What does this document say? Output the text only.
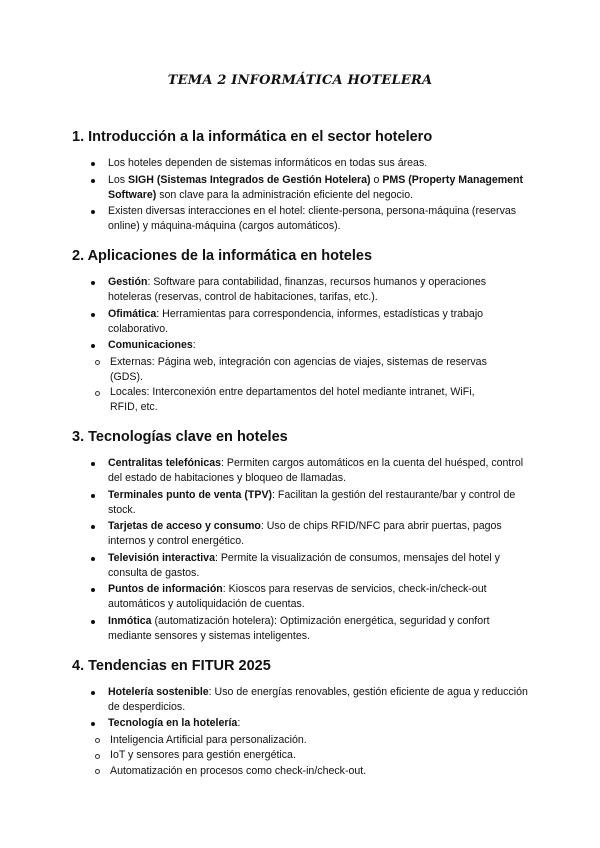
TEMA 2 INFORMÁTICA HOTELERA
1. Introducción a la informática en el sector hotelero
Los hoteles dependen de sistemas informáticos en todas sus áreas.
Los SIGH (Sistemas Integrados de Gestión Hotelera) o PMS (Property Management Software) son clave para la administración eficiente del negocio.
Existen diversas interacciones en el hotel: cliente-persona, persona-máquina (reservas online) y máquina-máquina (cargos automáticos).
2. Aplicaciones de la informática en hoteles
Gestión: Software para contabilidad, finanzas, recursos humanos y operaciones hoteleras (reservas, control de habitaciones, tarifas, etc.).
Ofimática: Herramientas para correspondencia, informes, estadísticas y trabajo colaborativo.
Comunicaciones:
Externas: Página web, integración con agencias de viajes, sistemas de reservas (GDS).
Locales: Interconexión entre departamentos del hotel mediante intranet, WiFi, RFID, etc.
3. Tecnologías clave en hoteles
Centralitas telefónicas: Permiten cargos automáticos en la cuenta del huésped, control del estado de habitaciones y bloqueo de llamadas.
Terminales punto de venta (TPV): Facilitan la gestión del restaurante/bar y control de stock.
Tarjetas de acceso y consumo: Uso de chips RFID/NFC para abrir puertas, pagos internos y control energético.
Televisión interactiva: Permite la visualización de consumos, mensajes del hotel y consulta de gastos.
Puntos de información: Kioscos para reservas de servicios, check-in/check-out automáticos y autoliquidación de cuentas.
Inmótica (automatización hotelera): Optimización energética, seguridad y confort mediante sensores y sistemas inteligentes.
4. Tendencias en FITUR 2025
Hotelería sostenible: Uso de energías renovables, gestión eficiente de agua y reducción de desperdicios.
Tecnología en la hotelería:
Inteligencia Artificial para personalización.
IoT y sensores para gestión energética.
Automatización en procesos como check-in/check-out.
